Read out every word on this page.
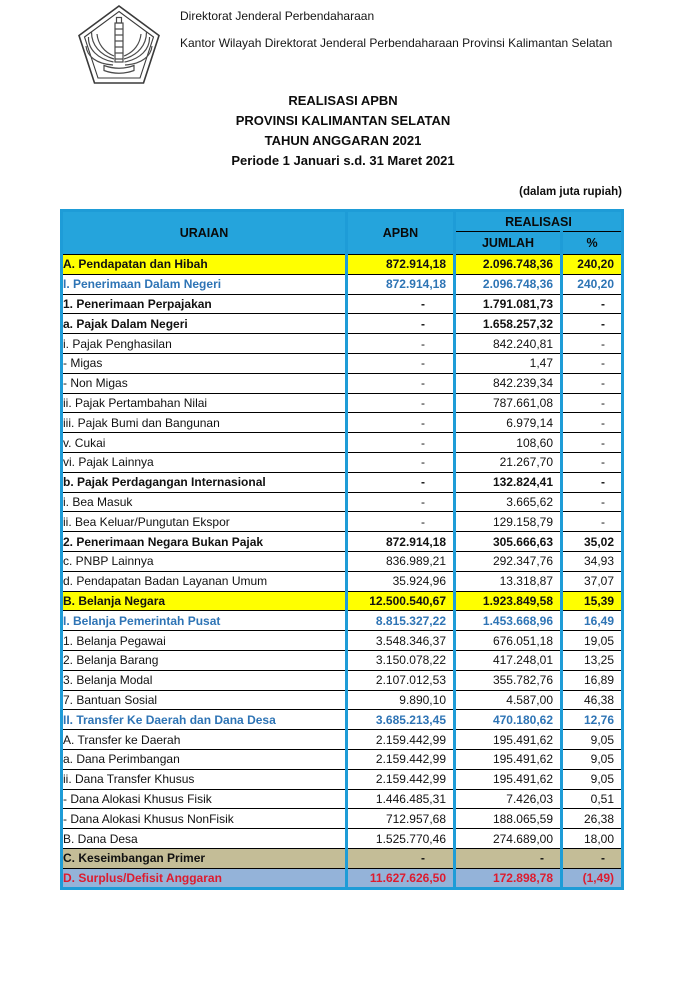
Direktorat Jenderal Perbendaharaan

Kantor Wilayah Direktorat Jenderal Perbendaharaan Provinsi Kalimantan Selatan

REALISASI APBN
PROVINSI KALIMANTAN SELATAN
TAHUN ANGGARAN 2021
Periode 1 Januari s.d. 31 Maret 2021
(dalam juta rupiah)
URAIAN	APBN	REALISASI	
		JUMLAH	%
A. Pendapatan dan Hibah	872.914,18	2.096.748,36	240,20
I. Penerimaan Dalam Negeri	872.914,18	2.096.748,36	240,20
1. Penerimaan Perpajakan	-	1.791.081,73	-
a. Pajak Dalam Negeri	-	1.658.257,32	-
i. Pajak Penghasilan	-	842.240,81	-
- Migas	-	1,47	-
- Non Migas	-	842.239,34	-
ii. Pajak Pertambahan Nilai	-	787.661,08	-
iii. Pajak Bumi dan Bangunan	-	6.979,14	-
v. Cukai	-	108,60	-
vi. Pajak Lainnya	-	21.267,70	-
b. Pajak Perdagangan Internasional	-	132.824,41	-
i. Bea Masuk	-	3.665,62	-
ii. Bea Keluar/Pungutan Ekspor	-	129.158,79	-
2. Penerimaan Negara Bukan Pajak	872.914,18	305.666,63	35,02
c. PNBP Lainnya	836.989,21	292.347,76	34,93
d. Pendapatan Badan Layanan Umum	35.924,96	13.318,87	37,07
B. Belanja Negara	12.500.540,67	1.923.849,58	15,39
I. Belanja Pemerintah Pusat	8.815.327,22	1.453.668,96	16,49
1. Belanja Pegawai	3.548.346,37	676.051,18	19,05
2. Belanja Barang	3.150.078,22	417.248,01	13,25
3. Belanja Modal	2.107.012,53	355.782,76	16,89
7. Bantuan Sosial	9.890,10	4.587,00	46,38
II. Transfer Ke Daerah dan Dana Desa	3.685.213,45	470.180,62	12,76
A. Transfer ke Daerah	2.159.442,99	195.491,62	9,05
a. Dana Perimbangan	2.159.442,99	195.491,62	9,05
ii. Dana Transfer Khusus	2.159.442,99	195.491,62	9,05
- Dana Alokasi Khusus Fisik	1.446.485,31	7.426,03	0,51
- Dana Alokasi Khusus NonFisik	712.957,68	188.065,59	26,38
B. Dana Desa	1.525.770,46	274.689,00	18,00
C. Keseimbangan Primer	-	-	-
D. Surplus/Defisit Anggaran	11.627.626,50	172.898,78	(1,49)
